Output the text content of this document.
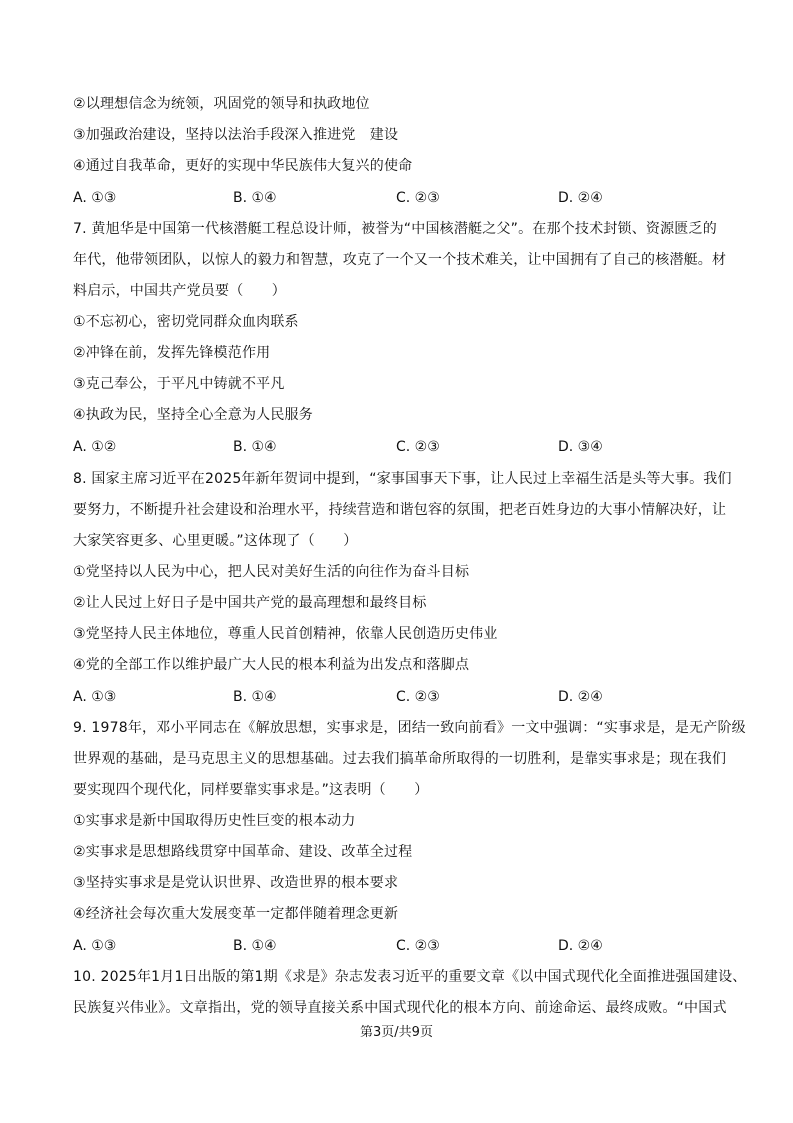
②以理想信念为统领，巩固党的领导和执政地位
③加强政治建设，坚持以法治手段深入推进党　建设
④通过自我革命，更好的实现中华民族伟大复兴的使命
A. ①③	B. ①④	C. ②③	D. ②④
7. 黄旭华是中国第一代核潜艇工程总设计师，被誉为“中国核潜艇之父”。在那个技术封锁、资源匮乏的
年代，他带领团队，以惊人的毅力和智慧，攻克了一个又一个技术难关，让中国拥有了自己的核潜艇。材
料启示，中国共产党员要（　　）
①不忘初心，密切党同群众血肉联系
②冲锋在前，发挥先锋模范作用
③克己奉公，于平凡中铸就不平凡
④执政为民，坚持全心全意为人民服务
A. ①②	B. ①④	C. ②③	D. ③④
8. 国家主席习近平在2025年新年贺词中提到，“家事国事天下事，让人民过上幸福生活是头等大事。我们
要努力，不断提升社会建设和治理水平，持续营造和谐包容的氛围，把老百姓身边的大事小情解决好，让
大家笑容更多、心里更暖。”这体现了（　　）
①党坚持以人民为中心，把人民对美好生活的向往作为奋斗目标
②让人民过上好日子是中国共产党的最高理想和最终目标
③党坚持人民主体地位，尊重人民首创精神，依靠人民创造历史伟业
④党的全部工作以维护最广大人民的根本利益为出发点和落脚点
A. ①③	B. ①④	C. ②③	D. ②④
9. 1978年，邓小平同志在《解放思想，实事求是，团结一致向前看》一文中强调：“实事求是，是无产阶级
世界观的基础，是马克思主义的思想基础。过去我们搞革命所取得的一切胜利，是靠实事求是；现在我们
要实现四个现代化，同样要靠实事求是。”这表明（　　）
①实事求是新中国取得历史性巨变的根本动力
②实事求是思想路线贯穿中国革命、建设、改革全过程
③坚持实事求是是党认识世界、改造世界的根本要求
④经济社会每次重大发展变革一定都伴随着理念更新
A. ①③	B. ①④	C. ②③	D. ②④
10. 2025年1月1日出版的第1期《求是》杂志发表习近平的重要文章《以中国式现代化全面推进强国建设、
民族复兴伟业》。文章指出，党的领导直接关系中国式现代化的根本方向、前途命运、最终成败。“中国式
第3页/共9页
